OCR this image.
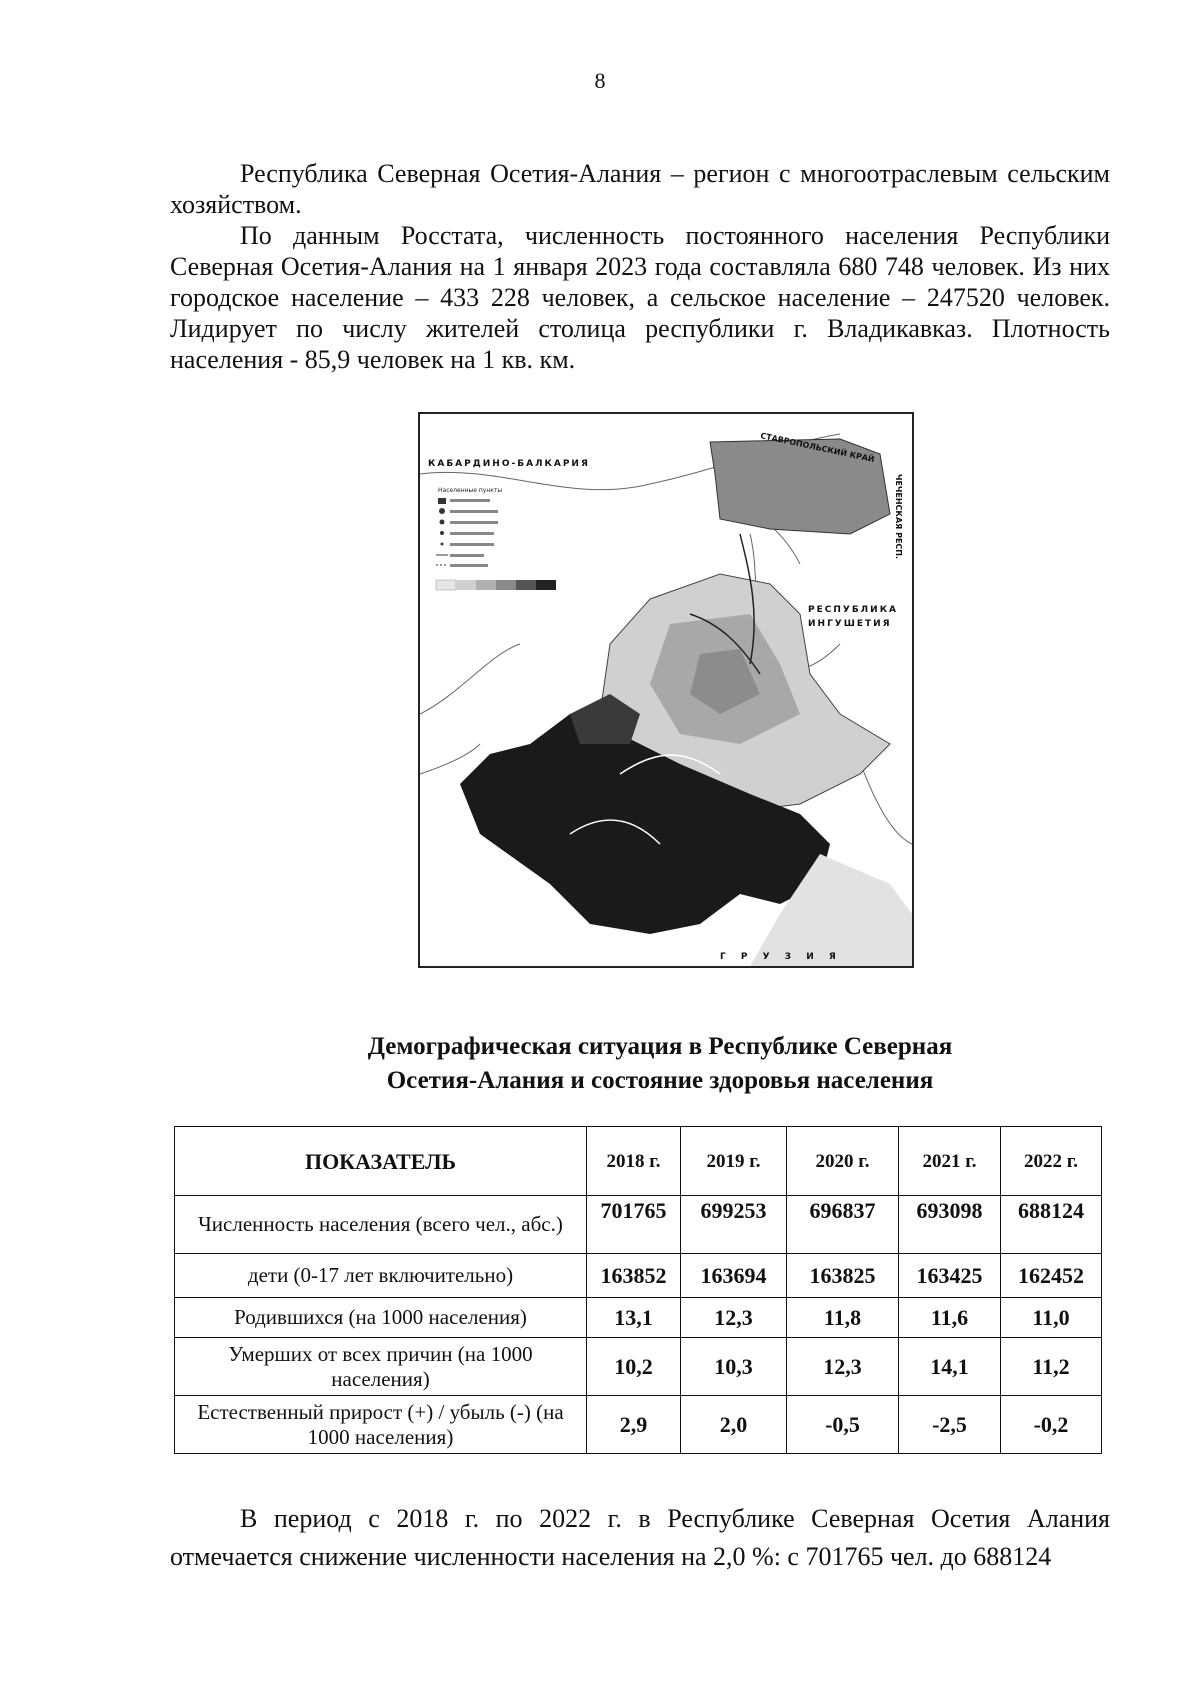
8

Республика Северная Осетия-Алания – регион с многоотраслевым сельским хозяйством.

По данным Росстата, численность постоянного населения Республики Северная Осетия-Алания на 1 января 2023 года составляла 680 748 человек. Из них городское население – 433 228 человек, а сельское население – 247520 человек. Лидирует по числу жителей столица республики г. Владикавказ. Плотность населения - 85,9 человек на 1 кв. км.

Населенные пункты
КАБАРДИНО-БАЛКАРИЯ	СТАВРОПОЛЬСКИЙ КРАЙ
ЧЕЧЕНСКАЯ РЕСП.
РЕСПУБЛИКА
ИНГУШЕТИЯ
Г Р У З И Я
Демографическая ситуация в Республике Северная
Осетия-Алания и состояние здоровья населения
ПОКАЗАТЕЛЬ	2018 г.	2019 г.	2020 г.	2021 г.	2022 г.
Численность населения (всего чел., абс.)	701765	699253	696837	693098	688124
дети (0-17 лет включительно)	163852	163694	163825	163425	162452
Родившихся (на 1000 населения)	13,1	12,3	11,8	11,6	11,0
Умерших от всех причин (на 1000 населения)	10,2	10,3	12,3	14,1	11,2
Естественный прирост (+) / убыль (-) (на 1000 населения)	2,9	2,0	-0,5	-2,5	-0,2

В период с 2018 г. по 2022 г. в Республике Северная Осетия Алания отмечается снижение численности населения на 2,0 %: с 701765 чел. до 688124
